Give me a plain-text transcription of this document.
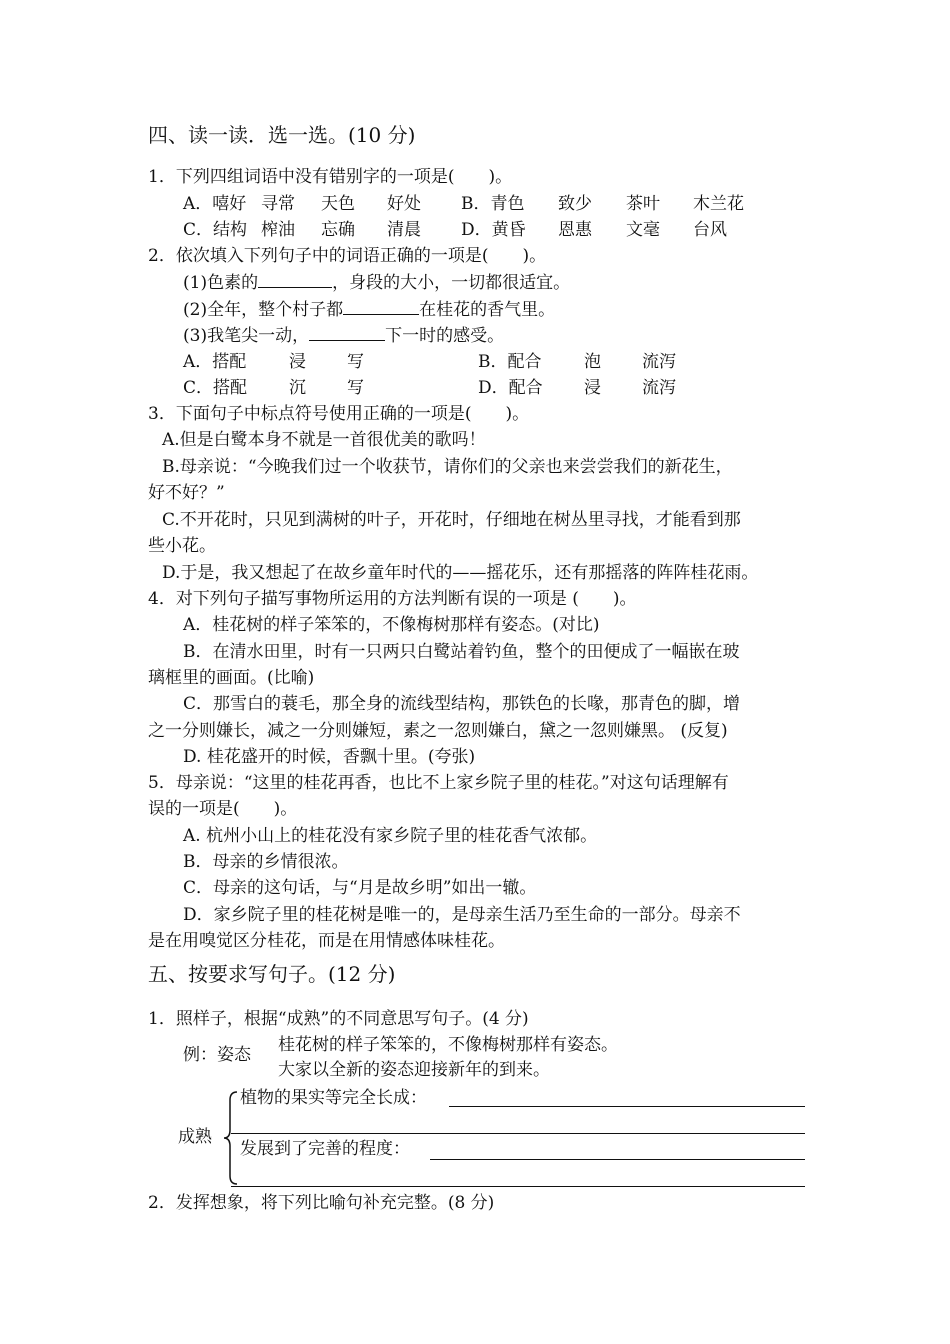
四、读一读．选一选。(10 分)
1．下列四组词语中没有错别字的一项是(　　)。
A．嘻好 寻常 天色 好处 B．青色 致少 茶叶 木兰花
C．结构 榨油 忘确 清晨 D．黄昏 恩惠 文毫 台风
2．依次填入下列句子中的词语正确的一项是(　　)。
(1)色素的	，身段的大小，一切都很适宜。
(2)全年，整个村子都	在桂花的香气里。
(3)我笔尖一动，	下一时的感受。
A．搭配	浸 写	B．配合	泡 流泻
C．搭配 沉 写	D．配合 浸 流泻
3．下面句子中标点符号使用正确的一项是(　　)。
A.但是白鹭本身不就是一首很优美的歌吗！
B.母亲说：“今晚我们过一个收获节，请你们的父亲也来尝尝我们的新花生，
好不好？”
C.不开花时，只见到满树的叶子，开花时，仔细地在树丛里寻找，才能看到那
些小花。
D.于是，我又想起了在故乡童年时代的——摇花乐，还有那摇落的阵阵桂花雨。
4．对下列句子描写事物所运用的方法判断有误的一项是 (　　)。
A．桂花树的样子笨笨的，不像梅树那样有姿态。(对比)
B．在清水田里，时有一只两只白鹭站着钓鱼，整个的田便成了一幅嵌在玻
璃框里的画面。(比喻)
C．那雪白的蓑毛，那全身的流线型结构，那铁色的长喙，那青色的脚，增
之一分则嫌长，减之一分则嫌短，素之一忽则嫌白，黛之一忽则嫌黑。 (反复)
D. 桂花盛开的时候，香飘十里。(夸张)
5．母亲说：“这里的桂花再香，也比不上家乡院子里的桂花。”对这句话理解有
误的一项是(　　)。
A. 杭州小山上的桂花没有家乡院子里的桂花香气浓郁。
B．母亲的乡情很浓。
C．母亲的这句话，与“月是故乡明”如出一辙。
D．家乡院子里的桂花树是唯一的，是母亲生活乃至生命的一部分。母亲不
是在用嗅觉区分桂花，而是在用情感体味桂花。
五、按要求写句子。(12 分)
1．照样子，根据“成熟”的不同意思写句子。(4 分)
例：姿态 桂花树的样子笨笨的，不像梅树那样有姿态。
大家以全新的姿态迎接新年的到来。
成熟
植物的果实等完全长成：
发展到了完善的程度：
2．发挥想象，将下列比喻句补充完整。(8 分)
